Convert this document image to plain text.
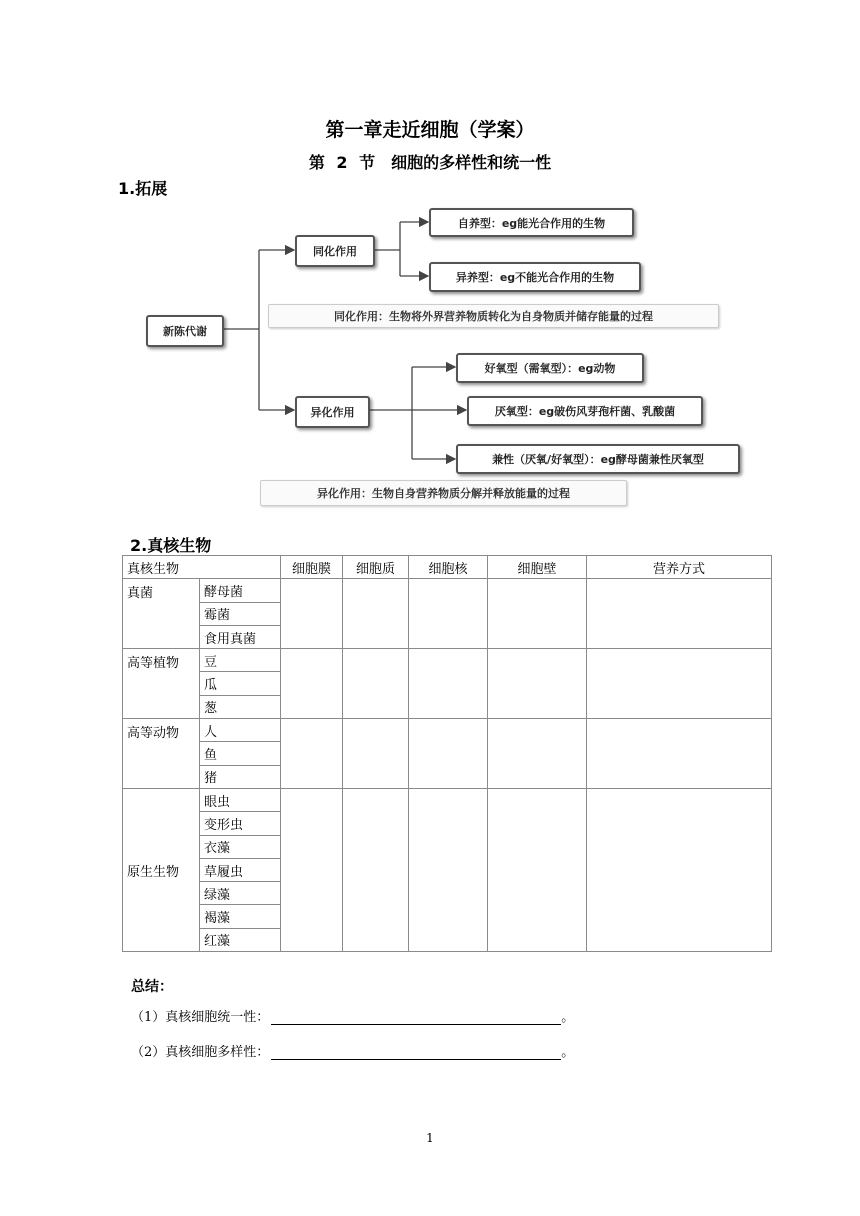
第一章走近细胞（学案）
第 2 节　细胞的多样性和统一性
1.拓展
新陈代谢
同化作用
自养型：eg能光合作用的生物
异养型：eg不能光合作用的生物
同化作用：生物将外界营养物质转化为自身物质并储存能量的过程
异化作用
好氧型（需氧型）：eg动物
厌氧型：eg破伤风芽孢杆菌、乳酸菌
兼性（厌氧/好氧型）：eg酵母菌兼性厌氧型
异化作用：生物自身营养物质分解并释放能量的过程
2.真核生物
真核生物		细胞膜	细胞质	细胞核	细胞壁	营养方式
真菌	酵母菌					
	霉菌					
	食用真菌					
高等植物	豆					
	瓜					
	葱					
高等动物	人					
	鱼					
	猪					
原生生物	眼虫					
	变形虫					
	衣藻					
	草履虫					
	绿藻					
	褐藻					
	红藻					
总结：
（1）真核细胞统一性：	。
（2）真核细胞多样性：	。
1
